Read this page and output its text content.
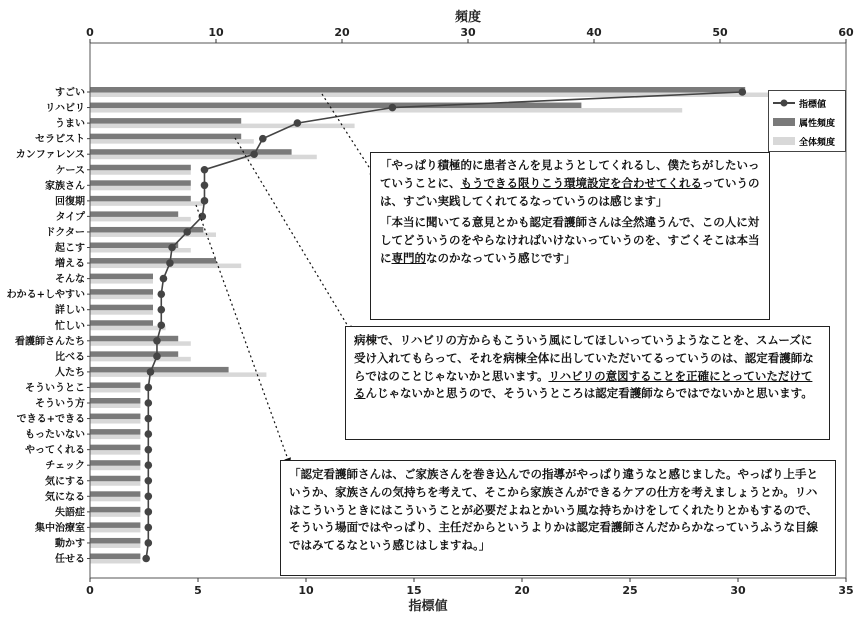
0	10	20	30	40	50	60
頻度
0	5	10	15	20	25	30	35
指標値
すごい
リハビリ
うまい
セラピスト
カンファレンス
ケース
家族さん
回復期
タイプ
ドクター
起こす
増える
そんな
わかる+しやすい
詳しい
忙しい
看護師さんたち
比べる
人たち
そういうとこ
そういう方
できる+できる
もったいない
やってくれる
チェック
気にする
気になる
失語症
集中治療室
動かす
任せる
指標値
属性頻度
全体頻度

「やっぱり積極的に患者さんを見ようとしてくれるし、僕たちがしたいっていうことに、もうできる限りこう環境設定を合わせてくれるっていうのは、すごい実践してくれてるなっていうのは感じます」

「本当に聞いてる意見とかも認定看護師さんは全然違うんで、この人に対してどういうのをやらなければいけないっていうのを、すごくそこは本当に専門的なのかなっていう感じです」

病棟で、リハビリの方からもこういう風にしてほしいっていうようなことを、スムーズに受け入れてもらって、それを病棟全体に出していただいてるっていうのは、認定看護師ならではのことじゃないかと思います。リハビリの意図することを正確にとっていただけてるんじゃないかと思うので、そういうところは認定看護師ならではでないかと思います。

「認定看護師さんは、ご家族さんを巻き込んでの指導がやっぱり違うなと感じました。やっぱり上手というか、家族さんの気持ちを考えて、そこから家族さんができるケアの仕方を考えましょうとか。リハはこういうときにはこういうことが必要だよねとかいう風な持ちかけをしてくれたりとかもするので、そういう場面ではやっぱり、主任だからというよりかは認定看護師さんだからかなっていうふうな目線ではみてるなという感じはしますね。」
